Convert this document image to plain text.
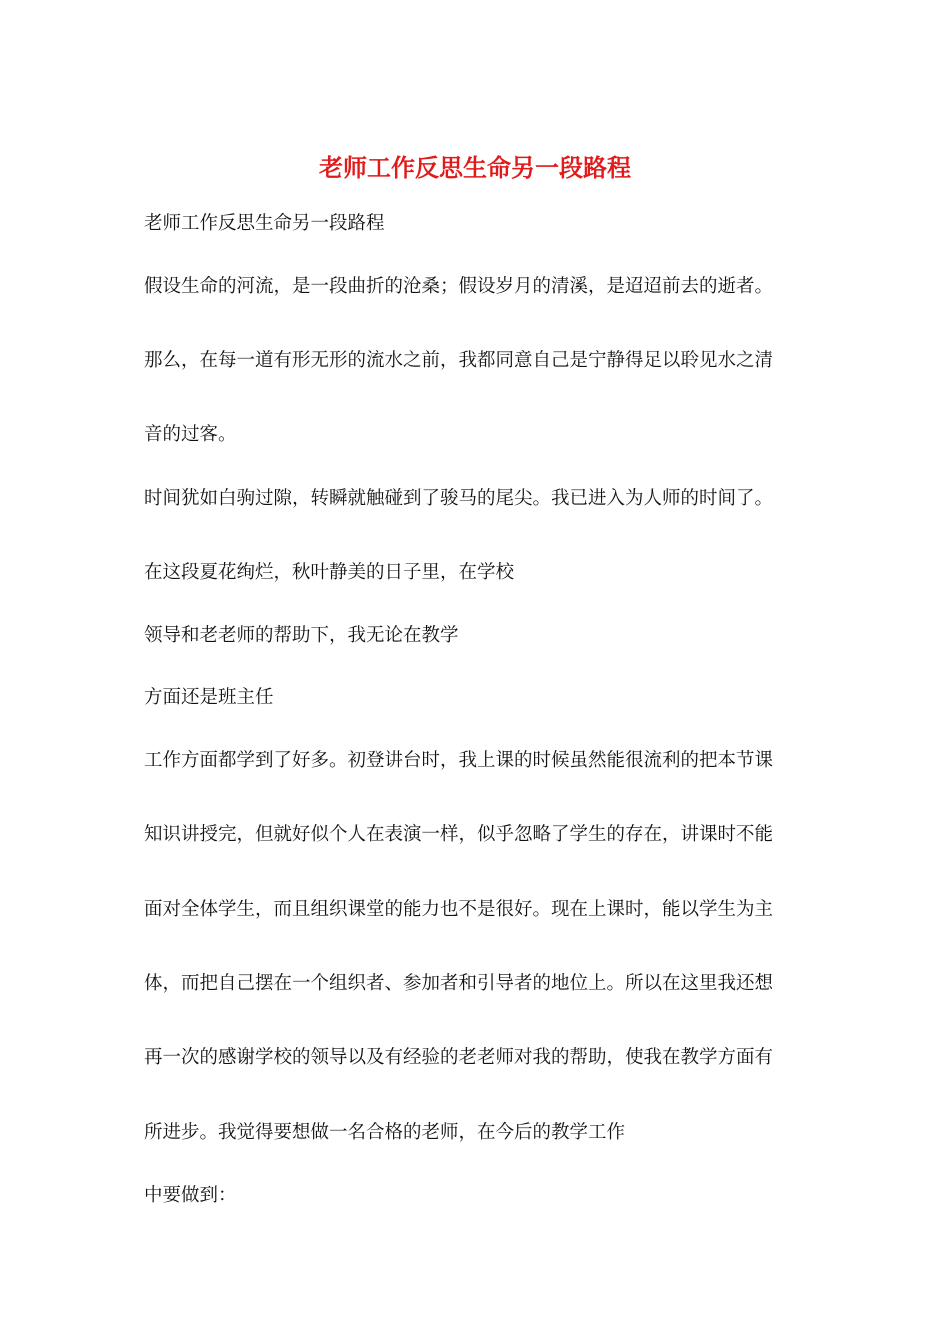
老师工作反思生命另一段路程
老师工作反思生命另一段路程
假设生命的河流，是一段曲折的沧桑；假设岁月的清溪，是迢迢前去的逝者。
那么，在每一道有形无形的流水之前，我都同意自己是宁静得足以聆见水之清
音的过客。
时间犹如白驹过隙，转瞬就触碰到了骏马的尾尖。我已进入为人师的时间了。
在这段夏花绚烂，秋叶静美的日子里，在学校
领导和老老师的帮助下，我无论在教学
方面还是班主任
工作方面都学到了好多。初登讲台时，我上课的时候虽然能很流利的把本节课
知识讲授完，但就好似个人在表演一样，似乎忽略了学生的存在，讲课时不能
面对全体学生，而且组织课堂的能力也不是很好。现在上课时，能以学生为主
体，而把自己摆在一个组织者、参加者和引导者的地位上。所以在这里我还想
再一次的感谢学校的领导以及有经验的老老师对我的帮助，使我在教学方面有
所进步。我觉得要想做一名合格的老师，在今后的教学工作
中要做到：
